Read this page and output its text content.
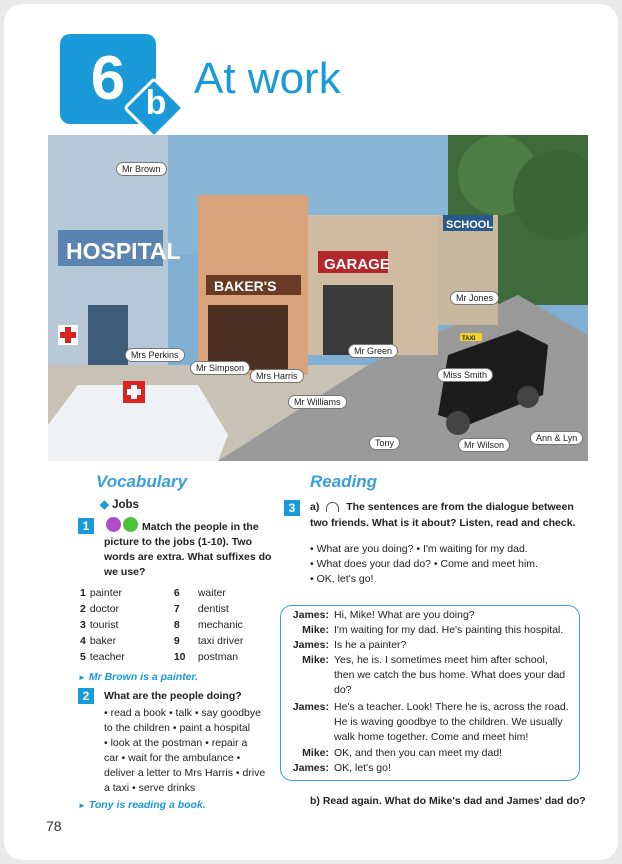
6 b At work
HOSPITAL
BAKER'S
GARAGE
SCHOOL
TAXI
Mr Brown
Mrs Perkins
Mr Simpson
Mrs Harris
Mr Williams
Mr Green
Mr Jones
Miss Smith
Tony	Mr Wilson
Ann & Lyn
Vocabulary
◆ Jobs
1	Match the people in the picture to the jobs (1-10). Two words are extra. What suffixes do we use?
1	painter	6	waiter
2	doctor	7	dentist
3	tourist	8	mechanic
4	baker	9	taxi driver
5	teacher	10	postman
► Mr Brown is a painter.
2	What are the people doing?
• read a book • talk • say goodbye
to the children • paint a hospital
• look at the postman • repair a
car • wait for the ambulance •
deliver a letter to Mrs Harris • drive
a taxi • serve drinks
► Tony is reading a book.
Reading
3	a)	The sentences are from the dialogue between
two friends. What is it about? Listen, read and check.
• What are you doing? • I'm waiting for my dad.
• What does your dad do? • Come and meet him.
• OK, let's go!
James: Hi, Mike! What are you doing?
Mike: I'm waiting for my dad. He's painting this hospital.
James: Is he a painter?
Mike: Yes, he is. I sometimes meet him after school,
then we catch the bus home. What does your dad
do?
James: He's a teacher. Look! There he is, across the road.
He is waving goodbye to the children. We usually
walk home together. Come and meet him!
Mike: OK, and then you can meet my dad!
James: OK, let's go!
b) Read again. What do Mike's dad and James' dad do?
78
